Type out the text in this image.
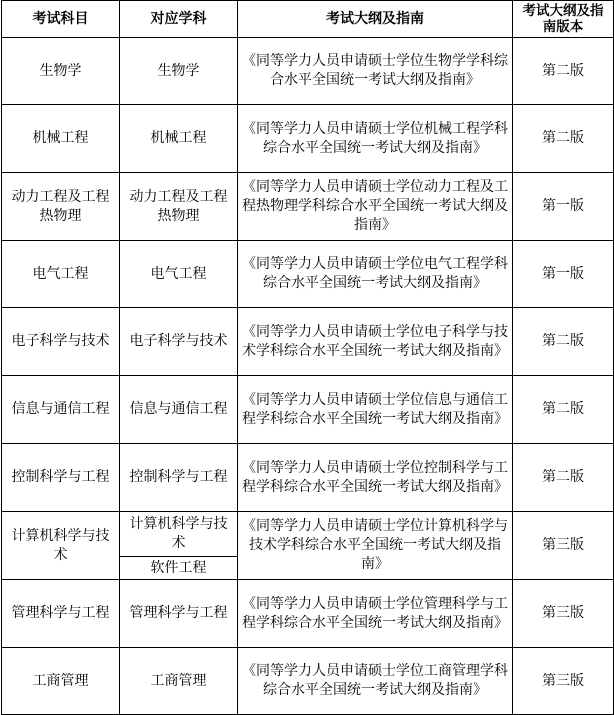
考试科目	对应学科	考试大纲及指南	考试大纲及指南版本
生物学	生物学	《同等学力人员申请硕士学位生物学学科综合水平全国统一考试大纲及指南》	第二版
机械工程	机械工程	《同等学力人员申请硕士学位机械工程学科综合水平全国统一考试大纲及指南》	第二版
动力工程及工程热物理	动力工程及工程热物理	《同等学力人员申请硕士学位动力工程及工程热物理学科综合水平全国统一考试大纲及指南》	第一版
电气工程	电气工程	《同等学力人员申请硕士学位电气工程学科综合水平全国统一考试大纲及指南》	第一版
电子科学与技术	电子科学与技术	《同等学力人员申请硕士学位电子科学与技术学科综合水平全国统一考试大纲及指南》	第二版
信息与通信工程	信息与通信工程	《同等学力人员申请硕士学位信息与通信工程学科综合水平全国统一考试大纲及指南》	第二版
控制科学与工程	控制科学与工程	《同等学力人员申请硕士学位控制科学与工程学科综合水平全国统一考试大纲及指南》	第二版
计算机科学与技术	计算机科学与技术	《同等学力人员申请硕士学位计算机科学与技术学科综合水平全国统一考试大纲及指南》	第三版
	软件工程		
管理科学与工程	管理科学与工程	《同等学力人员申请硕士学位管理科学与工程学科综合水平全国统一考试大纲及指南》	第三版
工商管理	工商管理	《同等学力人员申请硕士学位工商管理学科综合水平全国统一考试大纲及指南》	第三版
